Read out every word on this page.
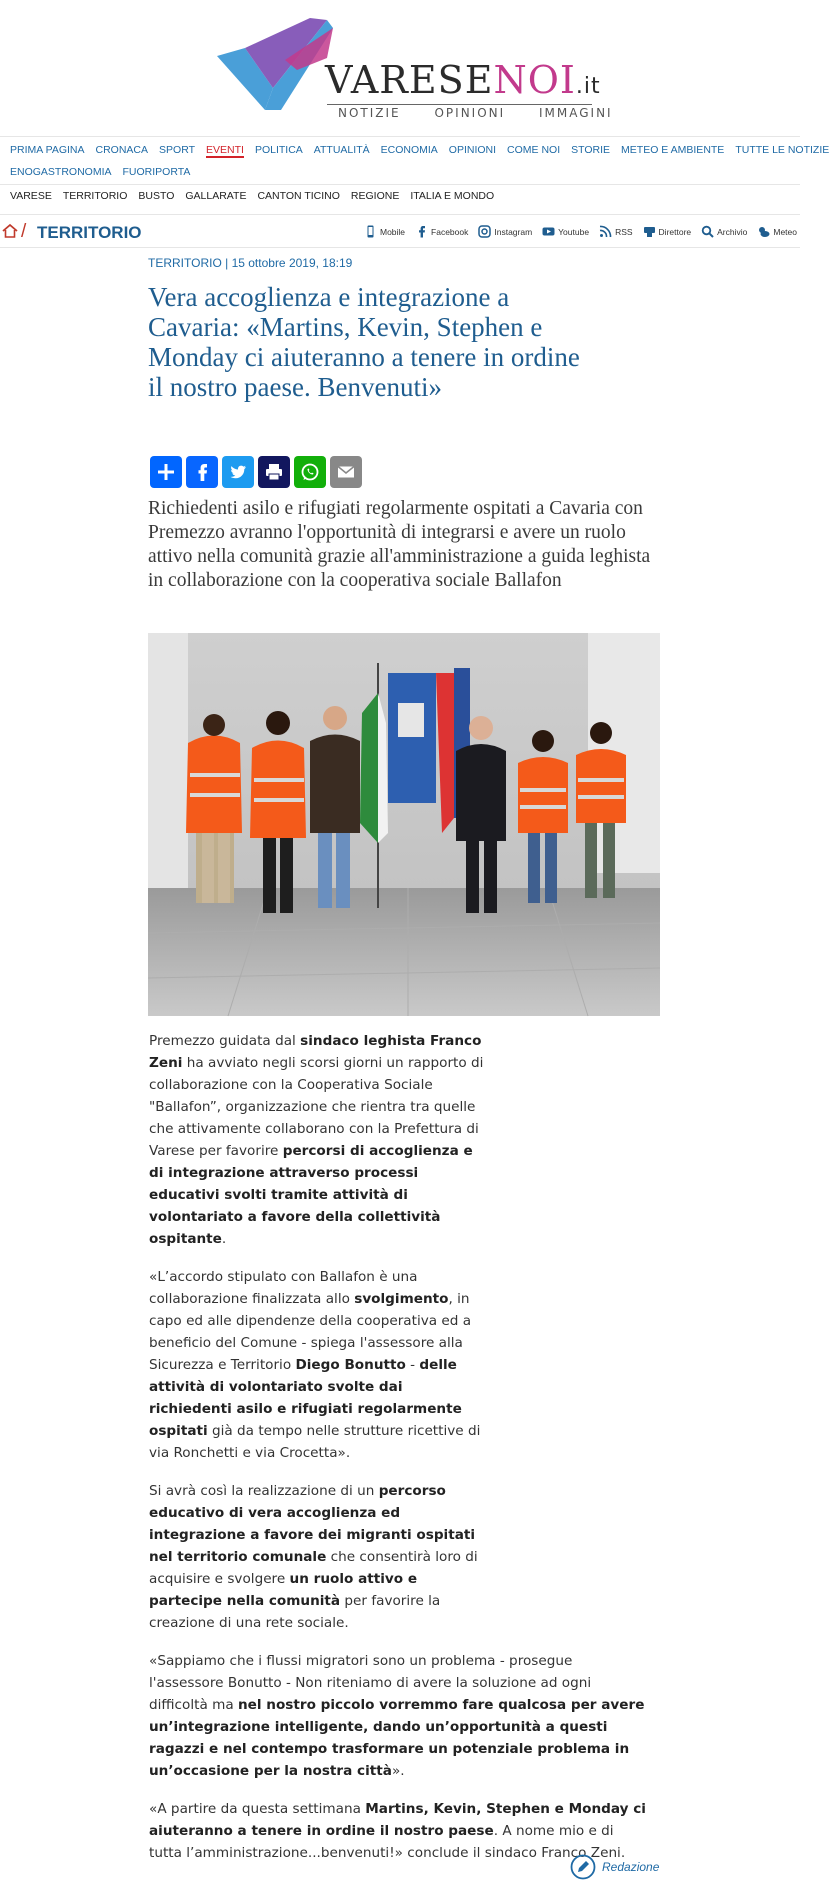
VARESENOI.it
NOTIZIE	OPINIONI	IMMAGINI
PRIMA PAGINA CRONACA SPORT EVENTI POLITICA ATTUALITÀ ECONOMIA OPINIONI COME NOI STORIE METEO E AMBIENTE TUTTE LE NOTIZIE
ENOGASTRONOMIA FUORIPORTA
VARESE TERRITORIO BUSTO GALLARATE CANTON TICINO REGIONE ITALIA E MONDO
/ TERRITORIO	Mobile	Facebook	Instagram	Youtube	RSS	Direttore	Archivio	Meteo
TERRITORIO | 15 ottobre 2019, 18:19
Vera accoglienza e integrazione a Cavaria: «Martins, Kevin, Stephen e Monday ci aiuteranno a tenere in ordine il nostro paese. Benvenuti»

Richiedenti asilo e rifugiati regolarmente ospitati a Cavaria con Premezzo avranno l'opportunità di integrarsi e avere un ruolo attivo nella comunità grazie all'amministrazione a guida leghista in collaborazione con la cooperativa sociale Ballafon

Premezzo guidata dal sindaco leghista Franco Zeni ha avviato negli scorsi giorni un rapporto di collaborazione con la Cooperativa Sociale "Ballafon”, organizzazione che rientra tra quelle che attivamente collaborano con la Prefettura di Varese per favorire percorsi di accoglienza e di integrazione attraverso processi educativi svolti tramite attività di volontariato a favore della collettività ospitante.

«L’accordo stipulato con Ballafon è una collaborazione finalizzata allo svolgimento, in capo ed alle dipendenze della cooperativa ed a beneficio del Comune - spiega l'assessore alla Sicurezza e Territorio Diego Bonutto - delle attività di volontariato svolte dai richiedenti asilo e rifugiati regolarmente ospitati già da tempo nelle strutture ricettive di via Ronchetti e via Crocetta».

Si avrà così la realizzazione di un percorso educativo di vera accoglienza ed integrazione a favore dei migranti ospitati nel territorio comunale che consentirà loro di acquisire e svolgere un ruolo attivo e partecipe nella comunità per favorire la creazione di una rete sociale.

«Sappiamo che i flussi migratori sono un problema - prosegue l'assessore Bonutto - Non riteniamo di avere la soluzione ad ogni difficoltà ma nel nostro piccolo vorremmo fare qualcosa per avere un’integrazione intelligente, dando un’opportunità a questi ragazzi e nel contempo trasformare un potenziale problema in un’occasione per la nostra città».

«A partire da questa settimana Martins, Kevin, Stephen e Monday ci aiuteranno a tenere in ordine il nostro paese. A nome mio e di tutta l’amministrazione...benvenuti!» conclude il sindaco Franco Zeni.

Redazione
